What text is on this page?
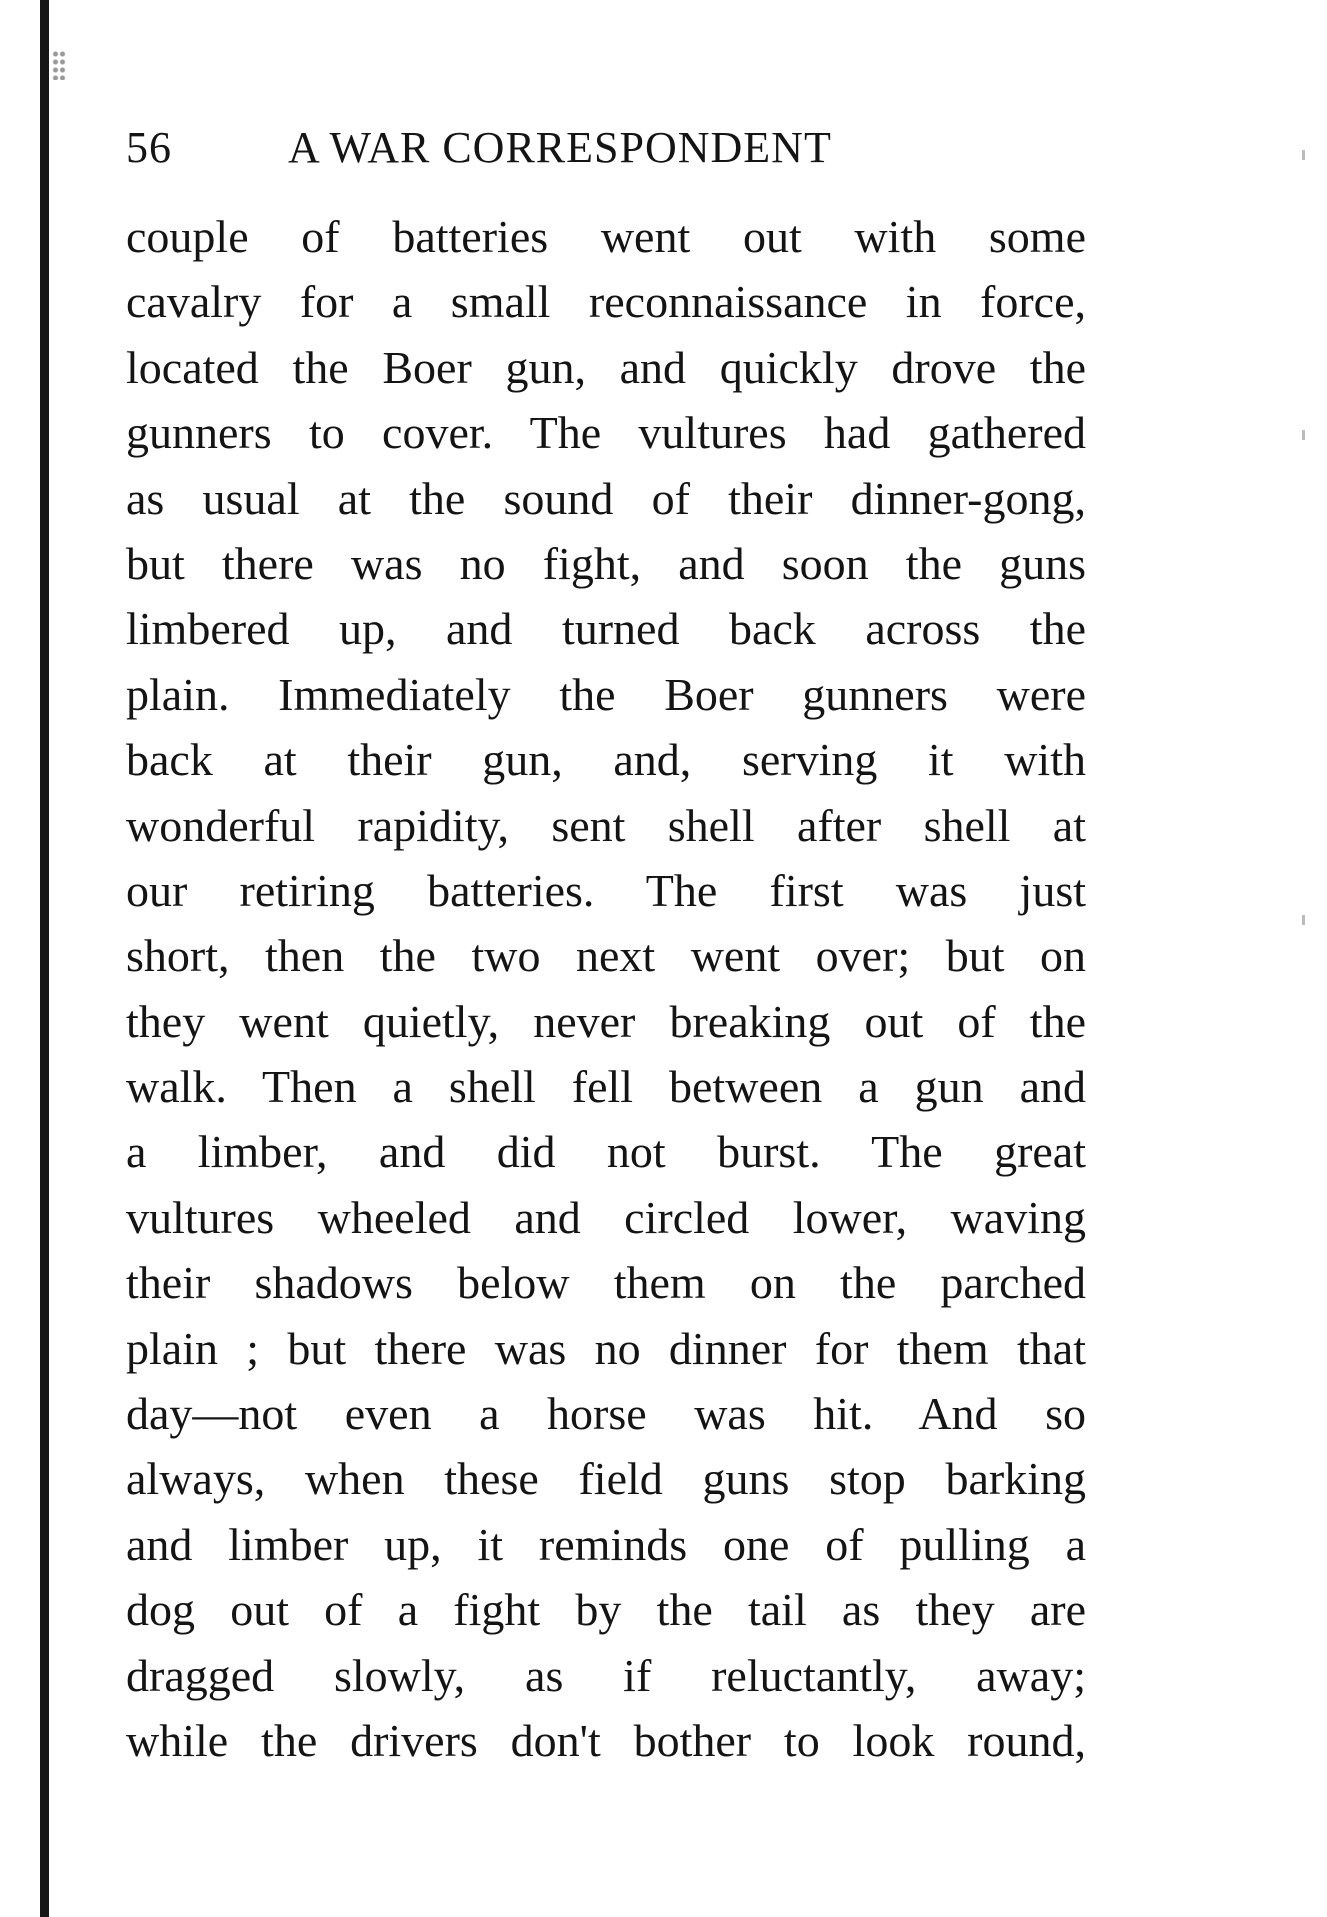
56	A WAR CORRESPONDENT
couple of batteries went out with some
cavalry for a small reconnaissance in force,
located the Boer gun, and quickly drove the
gunners to cover. The vultures had gathered
as usual at the sound of their dinner-gong,
but there was no fight, and soon the guns
limbered up, and turned back across the
plain. Immediately the Boer gunners were
back at their gun, and, serving it with
wonderful rapidity, sent shell after shell at
our retiring batteries. The first was just
short, then the two next went over; but on
they went quietly, never breaking out of the
walk. Then a shell fell between a gun and
a limber, and did not burst. The great
vultures wheeled and circled lower, waving
their shadows below them on the parched
plain ; but there was no dinner for them that
day—not even a horse was hit. And so
always, when these field guns stop barking
and limber up, it reminds one of pulling a
dog out of a fight by the tail as they are
dragged slowly, as if reluctantly, away;
while the drivers don't bother to look round,
